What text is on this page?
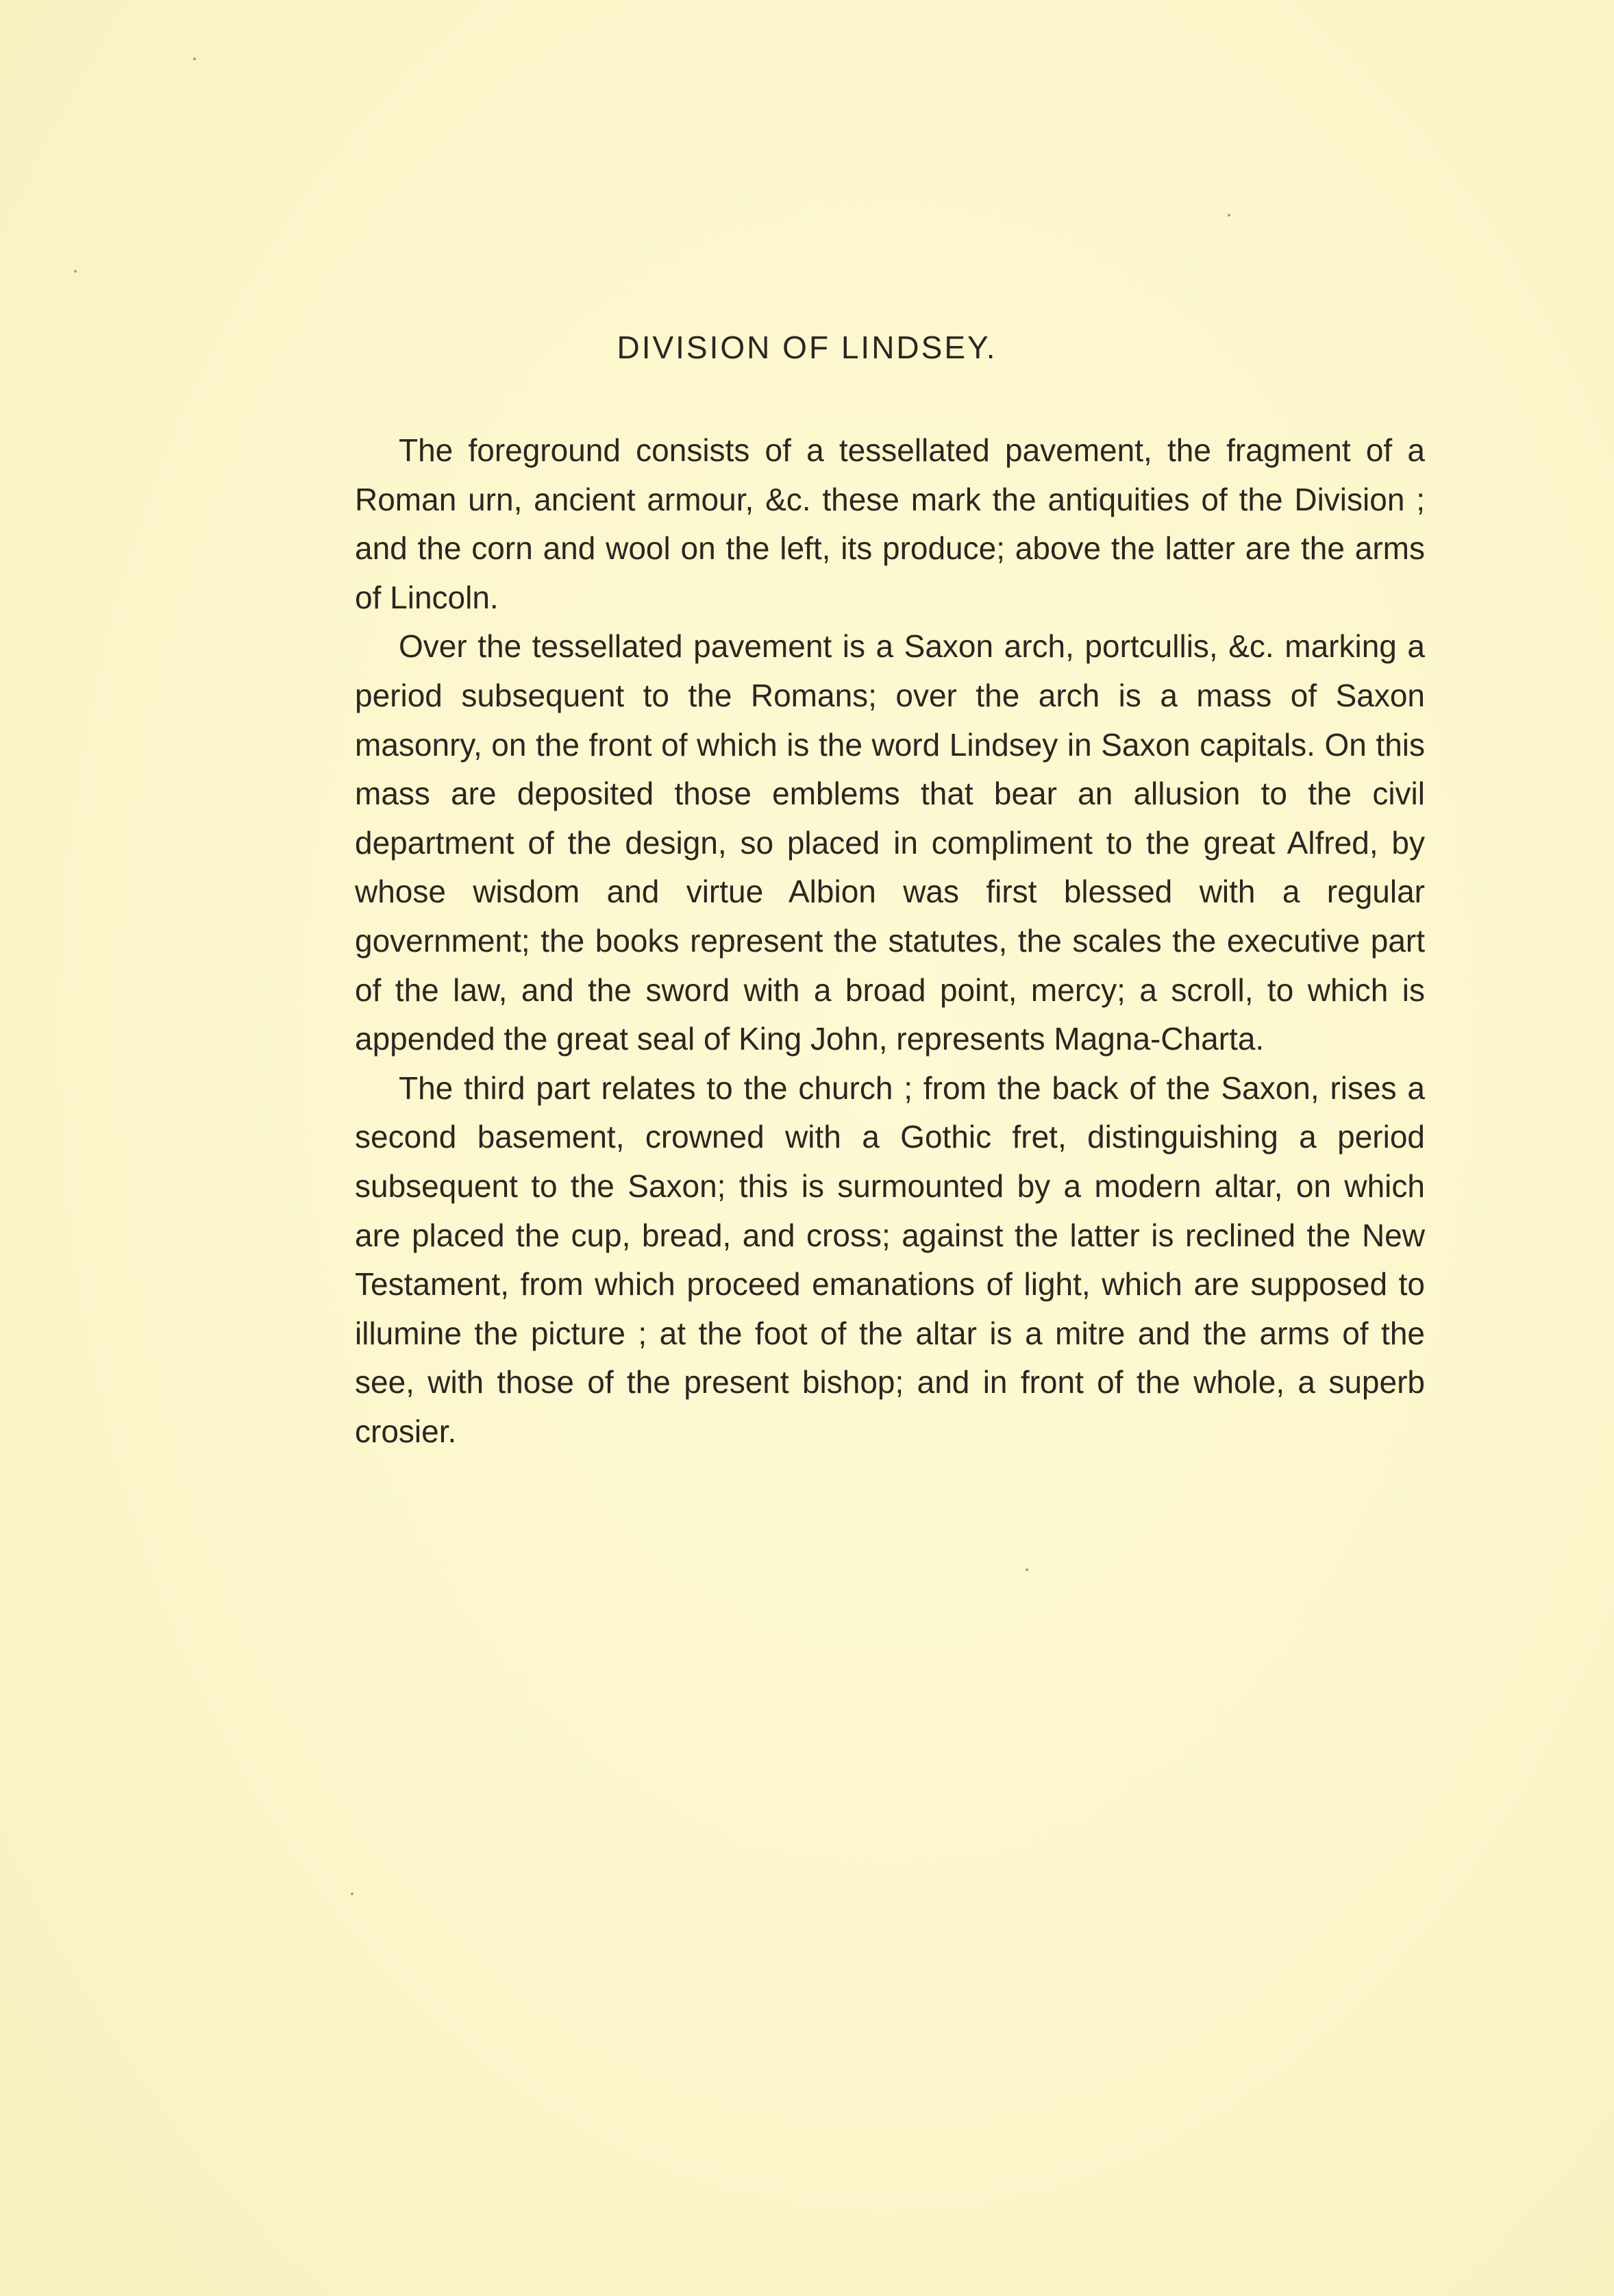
DIVISION OF LINDSEY.

The foreground consists of a tessellated pavement, the fragment of a Roman urn, ancient armour, &c. these mark the antiquities of the Division ; and the corn and wool on the left, its produce; above the latter are the arms of Lincoln.

Over the tessellated pavement is a Saxon arch, portcullis, &c. marking a period subsequent to the Romans; over the arch is a mass of Saxon masonry, on the front of which is the word Lindsey in Saxon capitals. On this mass are deposited those emblems that bear an allusion to the civil department of the design, so placed in compliment to the great Alfred, by whose wisdom and virtue Albion was first blessed with a regular government; the books represent the statutes, the scales the executive part of the law, and the sword with a broad point, mercy; a scroll, to which is appended the great seal of King John, represents Magna-Charta.

The third part relates to the church ; from the back of the Saxon, rises a second basement, crowned with a Gothic fret, distinguishing a period subsequent to the Saxon; this is surmounted by a modern altar, on which are placed the cup, bread, and cross; against the latter is reclined the New Testament, from which proceed emanations of light, which are supposed to illumine the picture ; at the foot of the altar is a mitre and the arms of the see, with those of the present bishop; and in front of the whole, a superb crosier.
